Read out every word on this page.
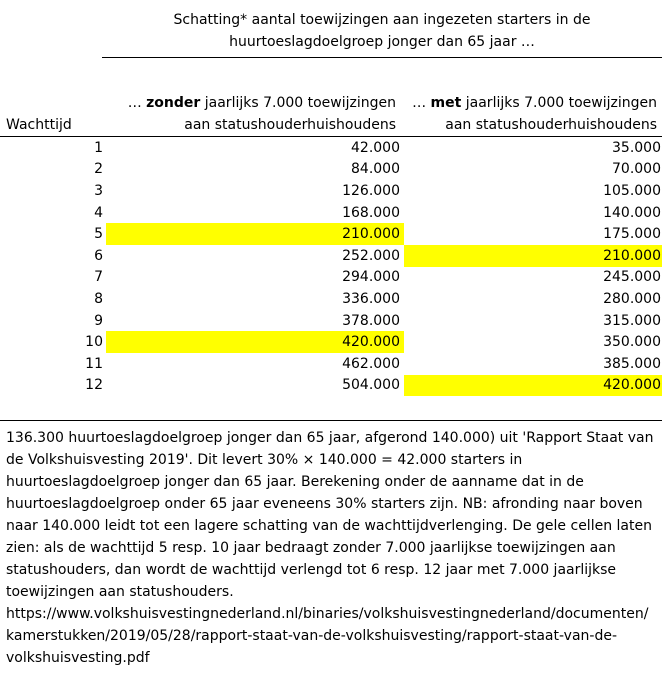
Schatting* aantal toewijzingen aan ingezeten starters in de huurtoeslagdoelgroep jonger dan 65 jaar …
Wachttijd
… zonder jaarlijks 7.000 toewijzingen
aan statushouderhuishoudens
… met jaarlijks 7.000 toewijzingen
aan statushouderhuishoudens
1	42.000	35.000
2	84.000	70.000
3	126.000	105.000
4	168.000	140.000
5	210.000	175.000
6	252.000	210.000
7	294.000	245.000
8	336.000	280.000
9	378.000	315.000
10	420.000	350.000
11	462.000	385.000
12	504.000	420.000

136.300 huurtoeslagdoelgroep jonger dan 65 jaar, afgerond 140.000) uit 'Rapport Staat van de Volkshuisvesting 2019'. Dit levert 30% × 140.000 = 42.000 starters in huurtoeslagdoelgroep jonger dan 65 jaar. Berekening onder de aanname dat in de huurtoeslagdoelgroep onder 65 jaar eveneens 30% starters zijn. NB: afronding naar boven naar 140.000 leidt tot een lagere schatting van de wachttijdverlenging. De gele cellen laten zien: als de wachttijd 5 resp. 10 jaar bedraagt zonder 7.000 jaarlijkse toewijzingen aan statushouders, dan wordt de wachttijd verlengd tot 6 resp. 12 jaar met 7.000 jaarlijkse toewijzingen aan statushouders.

https://www.volkshuisvestingnederland.nl/binaries/volkshuisvestingnederland/documenten/
kamerstukken/2019/05/28/rapport-staat-van-de-volkshuisvesting/rapport-staat-van-de-
volkshuisvesting.pdf
